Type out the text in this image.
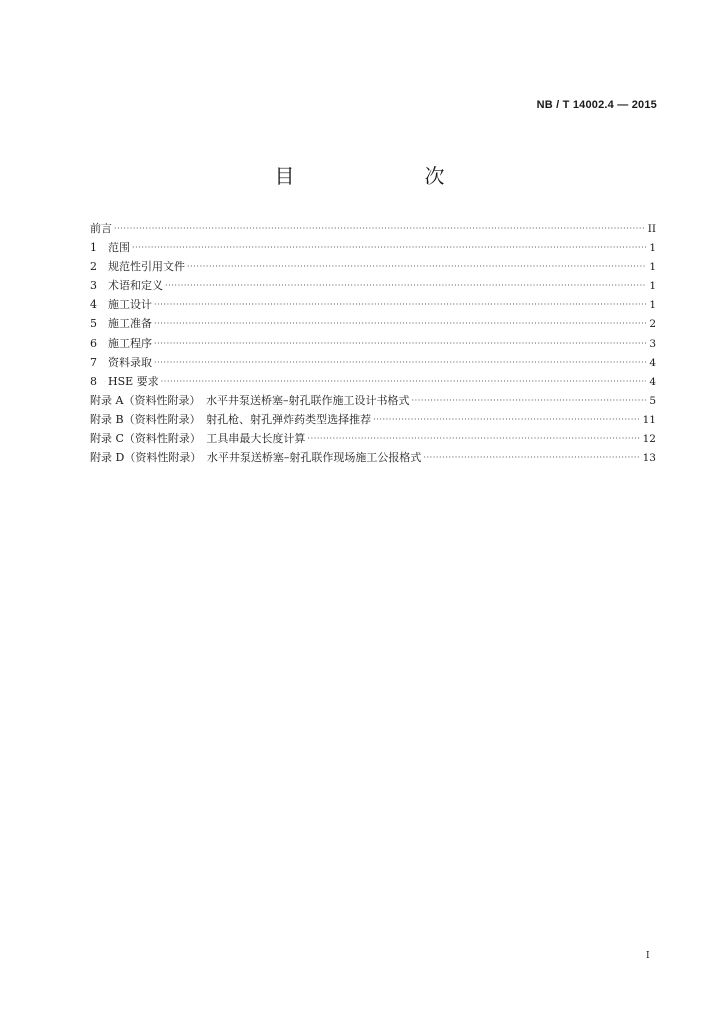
NB / T 14002.4 — 2015
目　　次
前言 ·····	II
1　范围 ·····	1
2　规范性引用文件 ·····	1
3　术语和定义 ·····	1
4　施工设计 ·····	1
5　施工准备 ·····	2
6　施工程序 ·····	3
7　资料录取 ·····	4
8　HSE 要求 ·····	4
附录 A（资料性附录）　水平井泵送桥塞–射孔联作施工设计书格式 ·····	5
附录 B（资料性附录）　射孔枪、射孔弹炸药类型选择推荐 ·····	11
附录 C（资料性附录）　工具串最大长度计算 ·····	12
附录 D（资料性附录）　水平井泵送桥塞–射孔联作现场施工公报格式 ·····	13
I
